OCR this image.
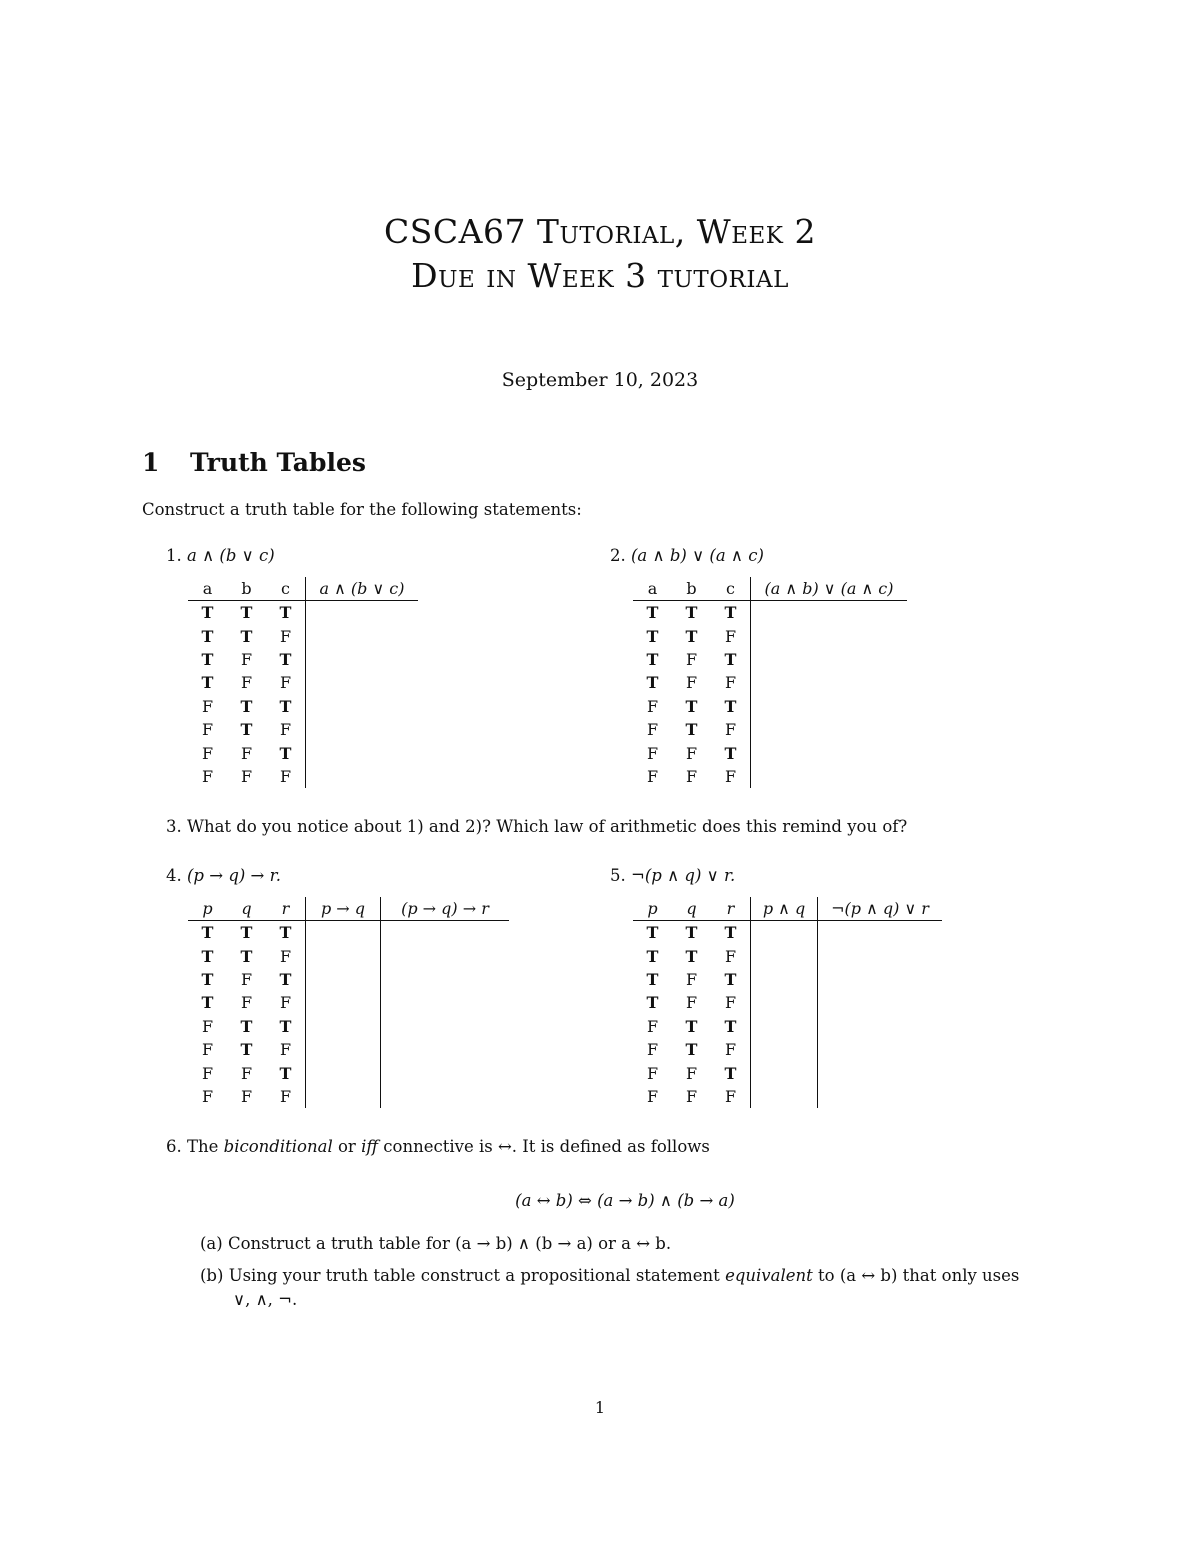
CSCA67 Tutorial, Week 2
Due in Week 3 tutorial
September 10, 2023
1 Truth Tables
Construct a truth table for the following statements:
1. a ∧ (b ∨ c)
a	b	c	a ∧ (b ∨ c)
T	T	T	
T	T	F	
T	F	T	
T	F	F	
F	T	T	
F	T	F	
F	F	T	
F	F	F	
2. (a ∧ b) ∨ (a ∧ c)
a	b	c	(a ∧ b) ∨ (a ∧ c)
T	T	T	
T	T	F	
T	F	T	
T	F	F	
F	T	T	
F	T	F	
F	F	T	
F	F	F	
3. What do you notice about 1) and 2)? Which law of arithmetic does this remind you of?
4. (p → q) → r.
p	q	r	p → q	(p → q) → r
T	T	T		
T	T	F		
T	F	T		
T	F	F		
F	T	T		
F	T	F		
F	F	T		
F	F	F		
5. ¬(p ∧ q) ∨ r.
p	q	r	p ∧ q	¬(p ∧ q) ∨ r
T	T	T		
T	T	F		
T	F	T		
T	F	F		
F	T	T		
F	T	F		
F	F	T		
F	F	F		
6. The biconditional or iff connective is ↔. It is defined as follows
(a ↔ b) ⇔ (a → b) ∧ (b → a)
(a) Construct a truth table for (a → b) ∧ (b → a) or a ↔ b.
(b) Using your truth table construct a propositional statement equivalent to (a ↔ b) that only uses
∨, ∧, ¬.
1
